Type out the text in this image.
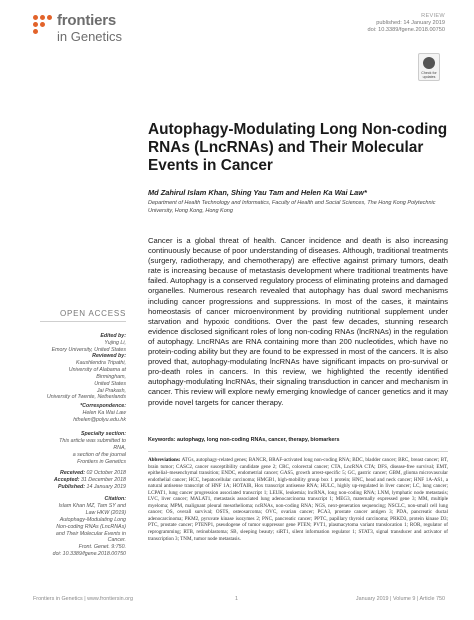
frontiers
in Genetics
REVIEW
published: 14 January 2019
doi: 10.3389/fgene.2018.00750
Check for updates
Autophagy-Modulating Long Non-coding RNAs (LncRNAs) and Their Molecular Events in Cancer
Md Zahirul Islam Khan, Shing Yau Tam and Helen Ka Wai Law*
Department of Health Technology and Informatics, Faculty of Health and Social Sciences, The Hong Kong Polytechnic University, Hong Kong, Hong Kong
Cancer is a global threat of health. Cancer incidence and death is also increasing continuously because of poor understanding of diseases. Although, traditional treatments (surgery, radiotherapy, and chemotherapy) are effective against primary tumors, death rate is increasing because of metastasis development where traditional treatments have failed. Autophagy is a conserved regulatory process of eliminating proteins and damaged organelles. Numerous research revealed that autophagy has dual sword mechanisms including cancer progressions and suppressions. In most of the cases, it maintains homeostasis of cancer microenvironment by providing nutritional supplement under starvation and hypoxic conditions. Over the past few decades, stunning research evidence disclosed significant roles of long non-coding RNAs (lncRNAs) in the regulation of autophagy. LncRNAs are RNA containing more than 200 nucleotides, which have no protein-coding ability but they are found to be expressed in most of the cancers. It is also proved that, autophagy-modulating lncRNAs have significant impacts on pro-survival or pro-death roles in cancers. In this review, we highlighted the recently identified autophagy-modulating lncRNAs, their signaling transduction in cancer and mechanism in cancer. This review will explore newly emerging knowledge of cancer genetics and it may provide novel targets for cancer therapy.
Keywords: autophagy, long non-coding RNAs, cancer, therapy, biomarkers
Abbreviations: ATGs, autophagy-related genes; BANCR, BRAF-activated long non-coding RNA; BDC, bladder cancer; BRC, breast cancer; BT, brain tumor; CASC2, cancer susceptibility candidate gene 2; CRC, colorectal cancer; CTA, LncRNA CTA; DFS, disease-free survival; EMT, epithelial–mesenchymal transition; ENDC, endometrial cancer; GAS5, growth arrest-specific 5; GC, gastric cancer; GBM, glioma microvascular endothelial cancer; HCC, hepatocellular carcinoma; HMGB1, high-mobility group box 1 protein; HNC, head and neck cancer; HNF 1A-AS1, a natural antisense transcript of HNF 1A; HOTAIR, Hox transcript antisense RNA; HULC, highly up-regulated in liver cancer; LC, lung cancer; LCPAT1, lung cancer progression associated transcript 1; LEUK, leukemia; lncRNA, long non-coding RNA; LNM, lymphatic node metastasis; LVC, liver cancer; MALAT1, metastasis associated lung adenocarcinoma transcript 1; MEG3, maternally expressed gene 3; MM, multiple myeloma; MPM, malignant pleural mesothelioma; ncRNAs, non-coding RNA; NGS, next-generation sequencing; NSCLC, non-small cell lung cancer; OS, overall survival; OSTS, osteosarcoma; OVC, ovarian cancer; PCA3, prostate cancer antigen 3; PDA, pancreatic ductal adenocarcinoma; PKM2, pyruvate kinase isozymes 2; PNC, pancreatic cancer; PPTC, papillary thyroid carcinoma; PRKD3, protein kinase D3; PTC, prostate cancer; PTENP1, pseudogene of tumor suppressor gene PTEN; PVT1, plasmacytoma variant translocation 1; ROR, regulator of reprogramming; RTB, retinoblastoma; SB, sleeping beauty; siRT1, silent information regulator 1; STAT3, signal transducer and activator of transcription 3; TNM, tumor node metastasis.
OPEN ACCESS
Edited by:
Yujing Li,
Emory University, United States
Reviewed by:
Kaushlendra Tripathi,
University of Alabama at Birmingham,
United States
Jai Prakash,
University of Twente, Netherlands
*Correspondence:
Helen Ka Wai Law
hthelen@polyu.edu.hk
Specialty section:
This article was submitted to
RNA,
a section of the journal
Frontiers in Genetics
Received: 02 October 2018
Accepted: 31 December 2018
Published: 14 January 2019
Citation:
Islam Khan MZ, Tam SY and
Law HKW (2019)
Autophagy-Modulating Long
Non-coding RNAs (LncRNAs)
and Their Molecular Events in Cancer.
Front. Genet. 9:750.
doi: 10.3389/fgene.2018.00750
Frontiers in Genetics | www.frontiersin.org	1	January 2019 | Volume 9 | Article 750
